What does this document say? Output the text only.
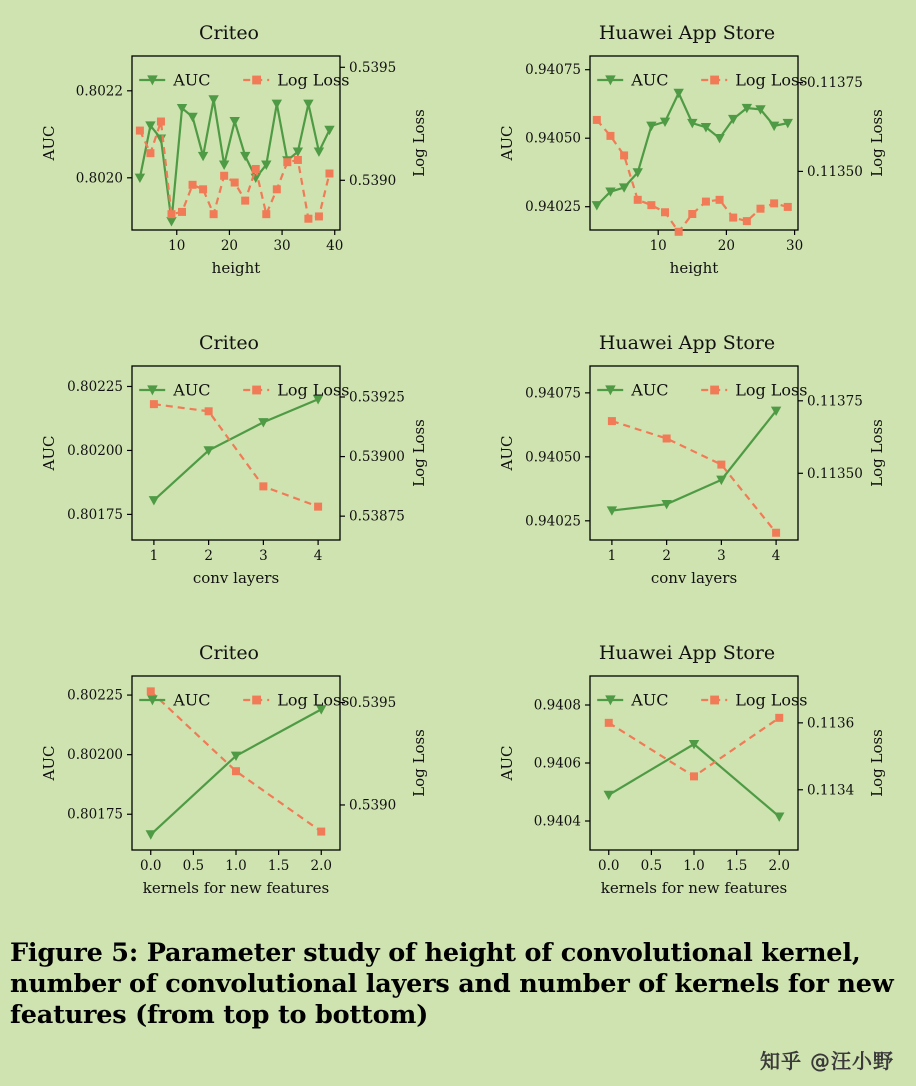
Criteo
10	20	30	40
0.8020
0.8022
0.5390
0.5395
height
AUC	Log Loss
AUC	Log Loss
Huawei App Store
10	20	30
0.94025
0.94050
0.94075
0.11350
0.11375
height
AUC	Log Loss
AUC	Log Loss
Criteo
1	2	3	4
0.80175
0.80200
0.80225
0.53875
0.53900
0.53925
conv layers
AUC	Log Loss
AUC	Log Loss
Huawei App Store
1	2	3	4
0.94025
0.94050
0.94075
0.11350
0.11375
conv layers
AUC	Log Loss
AUC	Log Loss
Criteo
0.0 0.5 1.0 1.5 2.0
0.80175
0.80200
0.80225
0.5390
0.5395
kernels for new features
AUC	Log Loss
AUC	Log Loss
Huawei App Store
0.0 0.5 1.0 1.5 2.0
0.9404
0.9406
0.9408
0.1134
0.1136
kernels for new features
AUC	Log Loss
AUC	Log Loss
Figure 5: Parameter study of height of convolutional kernel, number of convolutional layers and number of kernels for new features (from top to bottom)
知乎 @汪小野
